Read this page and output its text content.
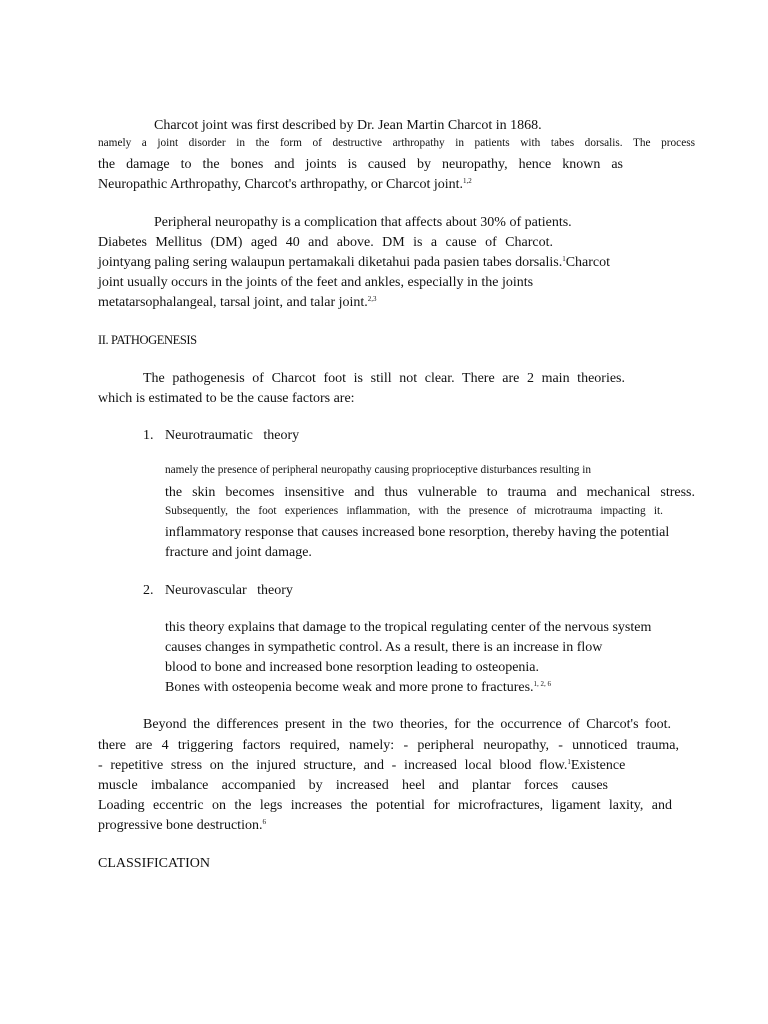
Charcot joint was first described by Dr. Jean Martin Charcot in 1868.
namely a joint disorder in the form of destructive arthropathy in patients with tabes dorsalis. The process
the damage to the bones and joints is caused by neuropathy, hence known as
Neuropathic Arthropathy, Charcot's arthropathy, or Charcot joint.$^{1,2}$
Peripheral neuropathy is a complication that affects about 30% of patients.
Diabetes Mellitus (DM) aged 40 and above. DM is a cause of Charcot.
jointyang paling sering walaupun pertamakali diketahui pada pasien tabes dorsalis.$^1$Charcot
joint usually occurs in the joints of the feet and ankles, especially in the joints
metatarsophalangeal, tarsal joint, and talar joint.$^{2,3}$
II. PATHOGENESIS
The pathogenesis of Charcot foot is still not clear. There are 2 main theories.
which is estimated to be the cause factors are:
1. Neurotraumatic   theory
namely the presence of peripheral neuropathy causing proprioceptive disturbances resulting in
the skin becomes insensitive and thus vulnerable to trauma and mechanical stress.
Subsequently, the foot experiences inflammation, with the presence of microtrauma impacting it.
inflammatory response that causes increased bone resorption, thereby having the potential
fracture and joint damage.
2. Neurovascular   theory
this theory explains that damage to the tropical regulating center of the nervous system
causes changes in sympathetic control. As a result, there is an increase in flow
blood to bone and increased bone resorption leading to osteopenia.
Bones with osteopenia become weak and more prone to fractures.$^{1, 2, 6}$
Beyond the differences present in the two theories, for the occurrence of Charcot's foot.
there are 4 triggering factors required, namely: - peripheral neuropathy, - unnoticed trauma,
- repetitive stress on the injured structure, and - increased local blood flow.$^1$Existence
muscle imbalance accompanied by increased heel and plantar forces causes
Loading eccentric on the legs increases the potential for microfractures, ligament laxity, and
progressive bone destruction.$^6$
CLASSIFICATION
